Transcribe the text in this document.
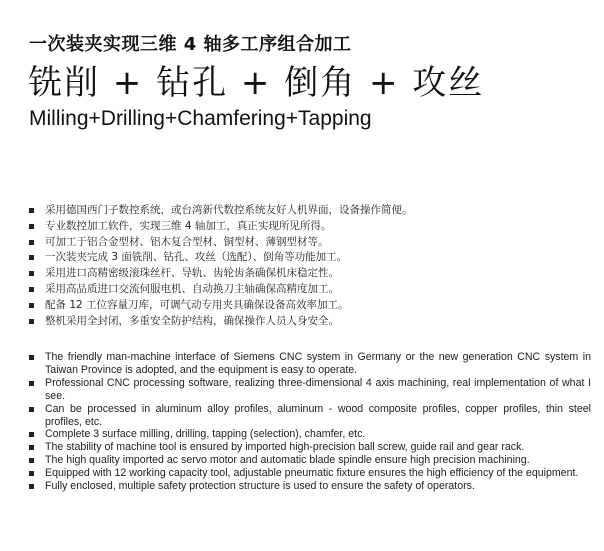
一次装夹实现三维 4 轴多工序组合加工
铣削 + 钻孔 + 倒角 + 攻丝
Milling+Drilling+Chamfering+Tapping
采用德国西门子数控系统，或台湾新代数控系统友好人机界面，设备操作简便。
专业数控加工软件，实现三维 4 轴加工，真正实现所见所得。
可加工于铝合金型材、铝木复合型材、铜型材、薄钢型材等。
一次装夹完成 3 面铣削、钻孔、攻丝（选配）、倒角等功能加工。
采用进口高精密级滚珠丝杆、导轨、齿轮齿条确保机床稳定性。
采用高品质进口交流伺服电机、自动换刀主轴确保高精度加工。
配备 12 工位容量刀库，可调气动专用夹具确保设备高效率加工。
整机采用全封闭，多重安全防护结构，确保操作人员人身安全。
The friendly man-machine interface of Siemens CNC system in Germany or the new generation CNC system in Taiwan Province is adopted, and the equipment is easy to operate.
Professional CNC processing software, realizing three-dimensional 4 axis machining, real implementation of what I see.
Can be processed in aluminum alloy profiles, aluminum - wood composite profiles, copper profiles, thin steel profiles, etc.
Complete 3 surface milling, drilling, tapping (selection), chamfer, etc.
The stability of machine tool is ensured by imported high-precision ball screw, guide rail and gear rack.
The high quality imported ac servo motor and automatic blade spindle ensure high precision machining.
Equipped with 12 working capacity tool, adjustable pneumatic fixture ensures the high efficiency of the equipment.
Fully enclosed, multiple safety protection structure is used to ensure the safety of operators.
